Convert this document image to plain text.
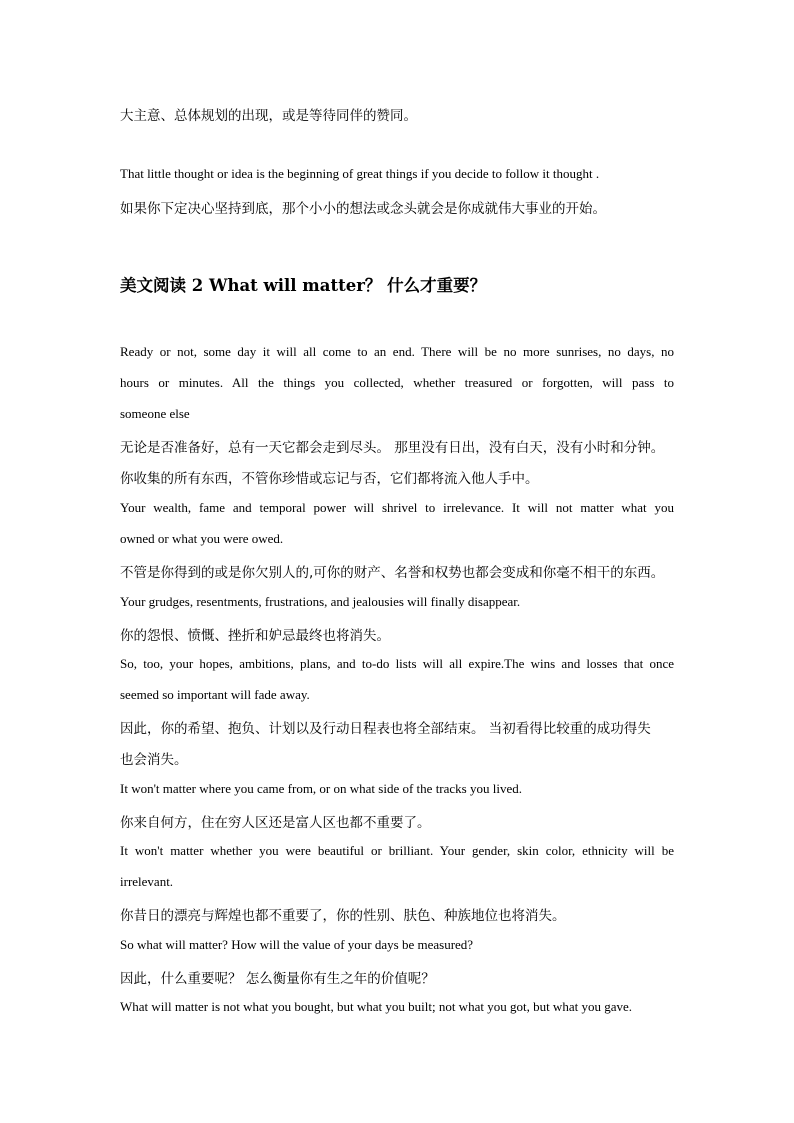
大主意、总体规划的出现，或是等待同伴的赞同。
That little thought or idea is the beginning of great things if you decide to follow it thought .
如果你下定决心坚持到底，那个小小的想法或念头就会是你成就伟大事业的开始。
美文阅读 2 What will matter？ 什么才重要？
Ready or not, some day it will all come to an end. There will be no more sunrises, no days, no
hours or minutes. All the things you collected, whether treasured or forgotten, will pass to
someone else
无论是否准备好，总有一天它都会走到尽头。 那里没有日出，没有白天，没有小时和分钟。
你收集的所有东西，不管你珍惜或忘记与否，它们都将流入他人手中。
Your wealth, fame and temporal power will shrivel to irrelevance. It will not matter what you
owned or what you were owed.
不管是你得到的或是你欠别人的,可你的财产、名誉和权势也都会变成和你毫不相干的东西。
Your grudges, resentments, frustrations, and jealousies will finally disappear.
你的怨恨、愤慨、挫折和妒忌最终也将消失。
So, too, your hopes, ambitions, plans, and to-do lists will all expire.The wins and losses that once
seemed so important will fade away.
因此，你的希望、抱负、计划以及行动日程表也将全部结束。 当初看得比较重的成功得失
也会消失。
It won't matter where you came from, or on what side of the tracks you lived.
你来自何方，住在穷人区还是富人区也都不重要了。
It won't matter whether you were beautiful or brilliant. Your gender, skin color, ethnicity will be
irrelevant.
你昔日的漂亮与辉煌也都不重要了，你的性别、肤色、种族地位也将消失。
So what will matter? How will the value of your days be measured?
因此，什么重要呢？ 怎么衡量你有生之年的价值呢？
What will matter is not what you bought, but what you built; not what you got, but what you gave.
